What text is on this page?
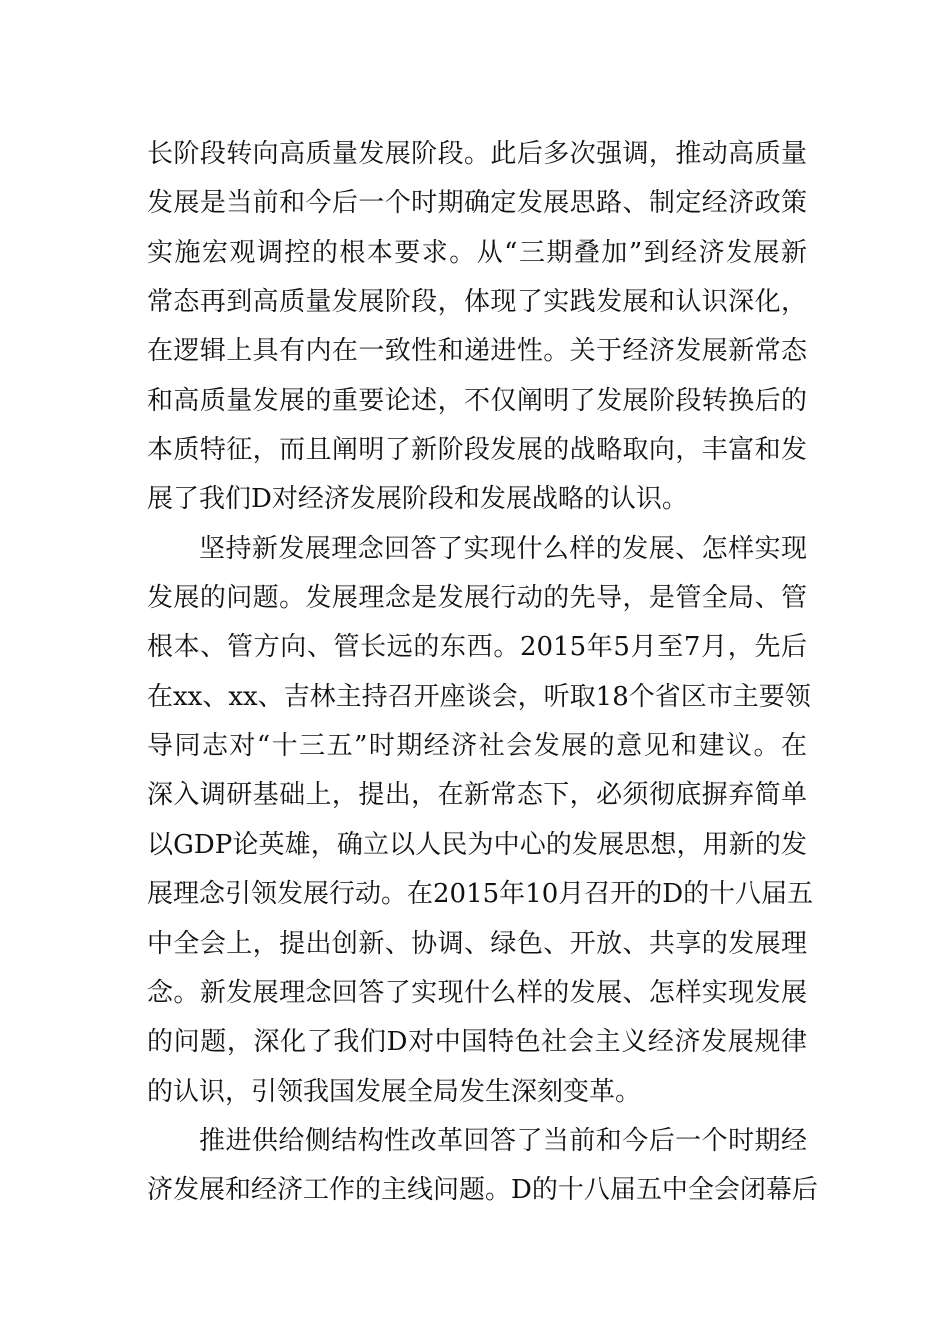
长阶段转向高质量发展阶段。此后多次强调，推动高质量
发展是当前和今后一个时期确定发展思路、制定经济政策
实施宏观调控的根本要求。从“三期叠加”到经济发展新
常态再到高质量发展阶段，体现了实践发展和认识深化，
在逻辑上具有内在一致性和递进性。关于经济发展新常态
和高质量发展的重要论述，不仅阐明了发展阶段转换后的
本质特征，而且阐明了新阶段发展的战略取向，丰富和发
展了我们D对经济发展阶段和发展战略的认识。
坚持新发展理念回答了实现什么样的发展、怎样实现
发展的问题。发展理念是发展行动的先导，是管全局、管
根本、管方向、管长远的东西。2015年5月至7月，先后
在xx、xx、吉林主持召开座谈会，听取18个省区市主要领
导同志对“十三五”时期经济社会发展的意见和建议。在
深入调研基础上，提出，在新常态下，必须彻底摒弃简单
以GDP论英雄，确立以人民为中心的发展思想，用新的发
展理念引领发展行动。在2015年10月召开的D的十八届五
中全会上，提出创新、协调、绿色、开放、共享的发展理
念。新发展理念回答了实现什么样的发展、怎样实现发展
的问题，深化了我们D对中国特色社会主义经济发展规律
的认识，引领我国发展全局发生深刻变革。
推进供给侧结构性改革回答了当前和今后一个时期经
济发展和经济工作的主线问题。D的十八届五中全会闭幕后
